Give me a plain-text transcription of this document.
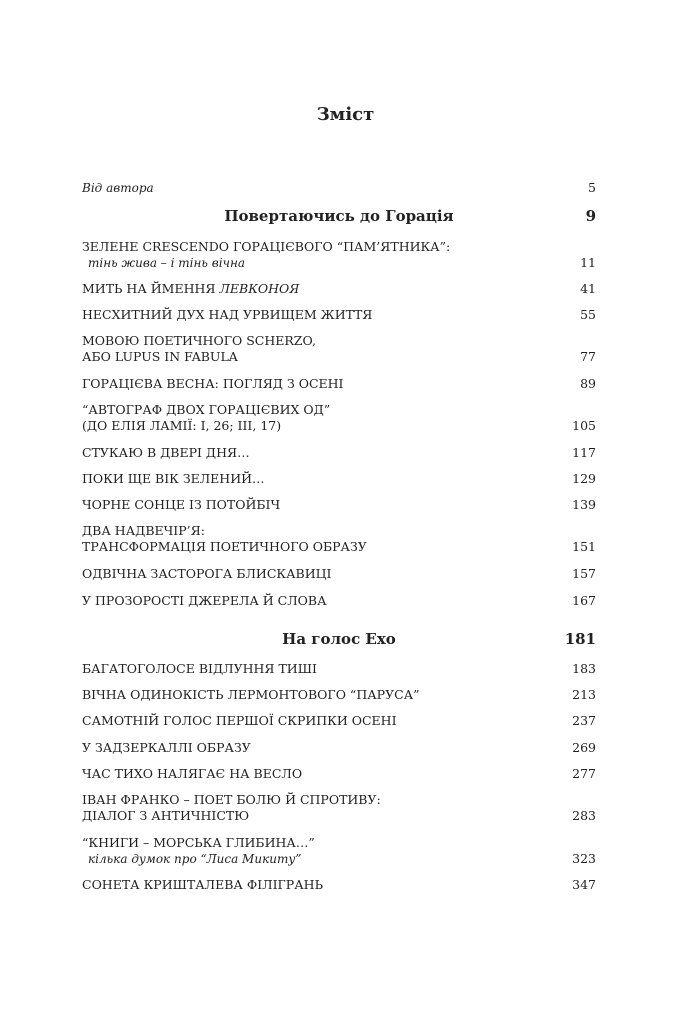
Зміст
Від автора	5
Повертаючись до Горація	9
ЗЕЛЕНЕ CRESCENDO ГОРАЦІЄВОГО “ПАМ’ЯТНИКА”:
тінь жива – і тінь вічна	11
МИТЬ НА ЙМЕННЯ ЛЕВКОНОЯ	41
НЕСХИТНИЙ ДУХ НАД УРВИЩЕМ ЖИТТЯ	55
МОВОЮ ПОЕТИЧНОГО SCHERZO,
АБО LUPUS IN FABULA	77
ГОРАЦІЄВА ВЕСНА: ПОГЛЯД З ОСЕНІ	89
“АВТОГРАФ ДВОХ ГОРАЦІЄВИХ ОД”
(ДО ЕЛІЯ ЛАМІЇ: І, 26; ІІІ, 17)	105
СТУКАЮ В ДВЕРІ ДНЯ…	117
ПОКИ ЩЕ ВІК ЗЕЛЕНИЙ…	129
ЧОРНЕ СОНЦЕ ІЗ ПОТОЙБІЧ	139
ДВА НАДВЕЧІР’Я:
ТРАНСФОРМАЦІЯ ПОЕТИЧНОГО ОБРАЗУ	151
ОДВІЧНА ЗАСТОРОГА БЛИСКАВИЦІ	157
У ПРОЗОРОСТІ ДЖЕРЕЛА Й СЛОВА	167
На голос Ехо	181
БАГАТОГОЛОСЕ ВІДЛУННЯ ТИШІ	183
ВІЧНА ОДИНОКІСТЬ ЛЕРМОНТОВОГО “ПАРУСА”	213
САМОТНІЙ ГОЛОС ПЕРШОЇ СКРИПКИ ОСЕНІ	237
У ЗАДЗЕРКАЛЛІ ОБРАЗУ	269
ЧАС ТИХО НАЛЯГАЄ НА ВЕСЛО	277
ІВАН ФРАНКО – ПОЕТ БОЛЮ Й СПРОТИВУ:
ДІАЛОГ З АНТИЧНІСТЮ	283
“КНИГИ – МОРСЬКА ГЛИБИНА…”
кілька думок про “Лиса Микиту”	323
СОНЕТА КРИШТАЛЕВА ФІЛІГРАНЬ	347
